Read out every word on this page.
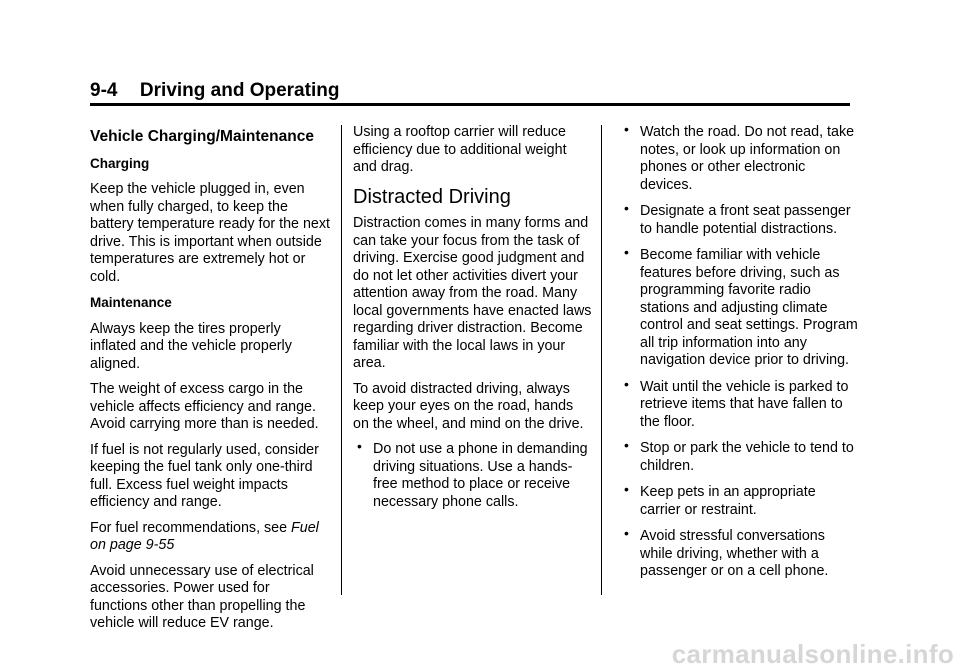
9-4 Driving and Operating
Vehicle Charging/Maintenance
Charging

Keep the vehicle plugged in, even when fully charged, to keep the battery temperature ready for the next drive. This is important when outside temperatures are extremely hot or cold.

Maintenance

Always keep the tires properly inflated and the vehicle properly aligned.

The weight of excess cargo in the vehicle affects efficiency and range. Avoid carrying more than is needed.

If fuel is not regularly used, consider keeping the fuel tank only one-third full. Excess fuel weight impacts efficiency and range.

For fuel recommendations, see Fuel on page 9-55

Avoid unnecessary use of electrical accessories. Power used for functions other than propelling the vehicle will reduce EV range.

Using a rooftop carrier will reduce efficiency due to additional weight and drag.

Distracted Driving

Distraction comes in many forms and can take your focus from the task of driving. Exercise good judgment and do not let other activities divert your attention away from the road. Many local governments have enacted laws regarding driver distraction. Become familiar with the local laws in your area.

To avoid distracted driving, always keep your eyes on the road, hands on the wheel, and mind on the drive.

• Do not use a phone in demanding driving situations. Use a hands-free method to place or receive necessary phone calls.
• Watch the road. Do not read, take notes, or look up information on phones or other electronic devices.
• Designate a front seat passenger to handle potential distractions.
• Become familiar with vehicle features before driving, such as programming favorite radio stations and adjusting climate control and seat settings. Program all trip information into any navigation device prior to driving.
• Wait until the vehicle is parked to retrieve items that have fallen to the floor.
• Stop or park the vehicle to tend to children.
• Keep pets in an appropriate carrier or restraint.
• Avoid stressful conversations while driving, whether with a passenger or on a cell phone.
carmanualsonline.info
